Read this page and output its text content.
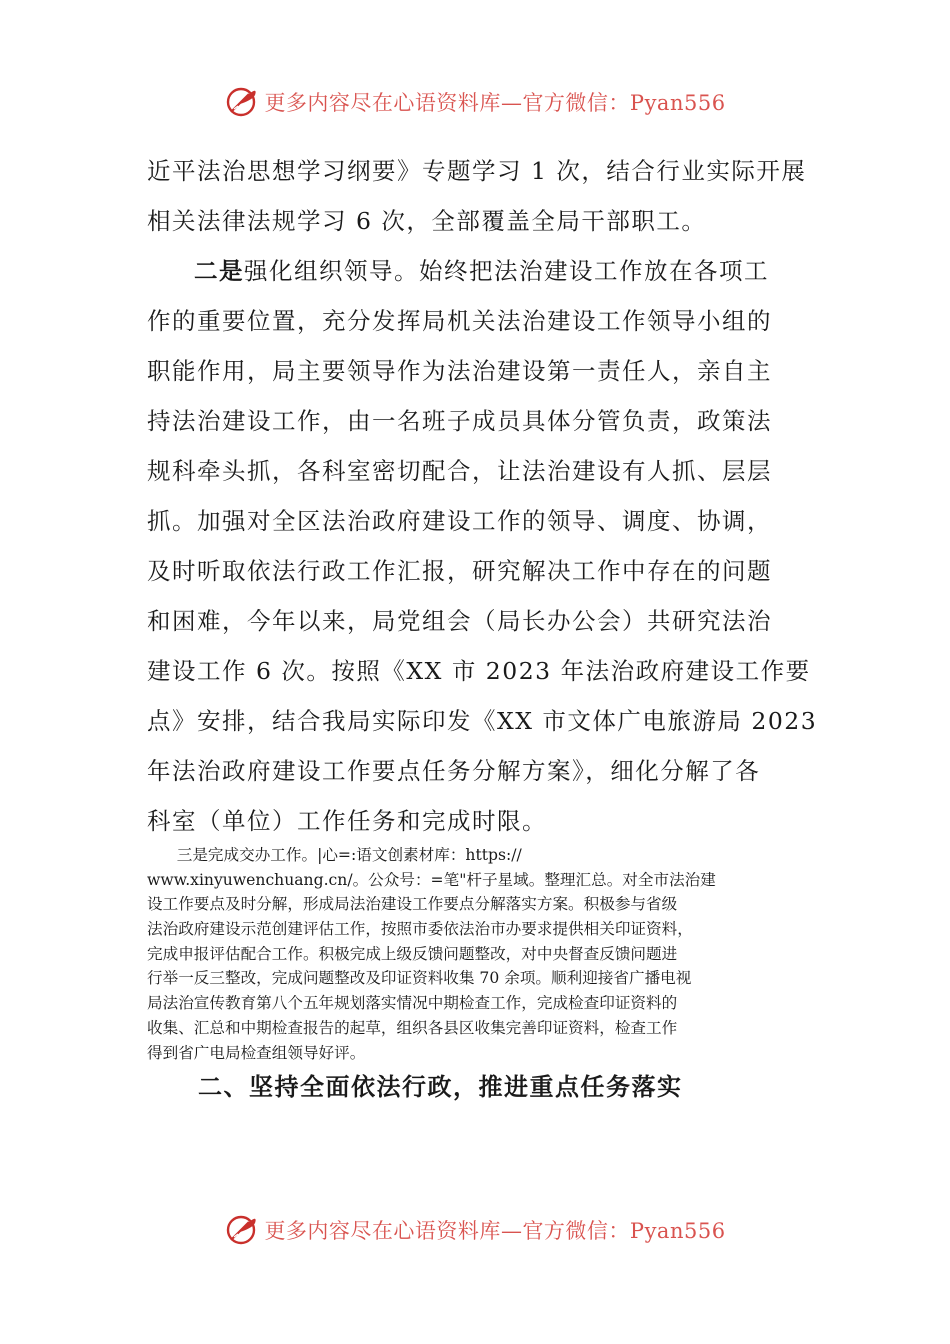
更多内容尽在心语资料库—官方微信：Pyan556
近平法治思想学习纲要》专题学习 1 次，结合行业实际开展
相关法律法规学习 6 次，全部覆盖全局干部职工。
二是强化组织领导。始终把法治建设工作放在各项工
作的重要位置，充分发挥局机关法治建设工作领导小组的
职能作用，局主要领导作为法治建设第一责任人，亲自主
持法治建设工作，由一名班子成员具体分管负责，政策法
规科牵头抓，各科室密切配合，让法治建设有人抓、层层
抓。加强对全区法治政府建设工作的领导、调度、协调，
及时听取依法行政工作汇报，研究解决工作中存在的问题
和困难，今年以来，局党组会（局长办公会）共研究法治
建设工作 6 次。按照《XX 市 2023 年法治政府建设工作要
点》安排，结合我局实际印发《XX 市文体广电旅游局 2023
年法治政府建设工作要点任务分解方案》，细化分解了各
科室（单位）工作任务和完成时限。
三是完成交办工作。|心=:语文创素材库：https://
www.xinyuwenchuang.cn/。公众号：=笔"杆子星域。整理汇总。对全市法治建
设工作要点及时分解，形成局法治建设工作要点分解落实方案。积极参与省级
法治政府建设示范创建评估工作，按照市委依法治市办要求提供相关印证资料，
完成申报评估配合工作。积极完成上级反馈问题整改，对中央督查反馈问题进
行举一反三整改，完成问题整改及印证资料收集 70 余项。顺利迎接省广播电视
局法治宣传教育第八个五年规划落实情况中期检查工作，完成检查印证资料的
收集、汇总和中期检查报告的起草，组织各县区收集完善印证资料，检查工作
得到省广电局检查组领导好评。
二、坚持全面依法行政，推进重点任务落实
更多内容尽在心语资料库—官方微信：Pyan556
